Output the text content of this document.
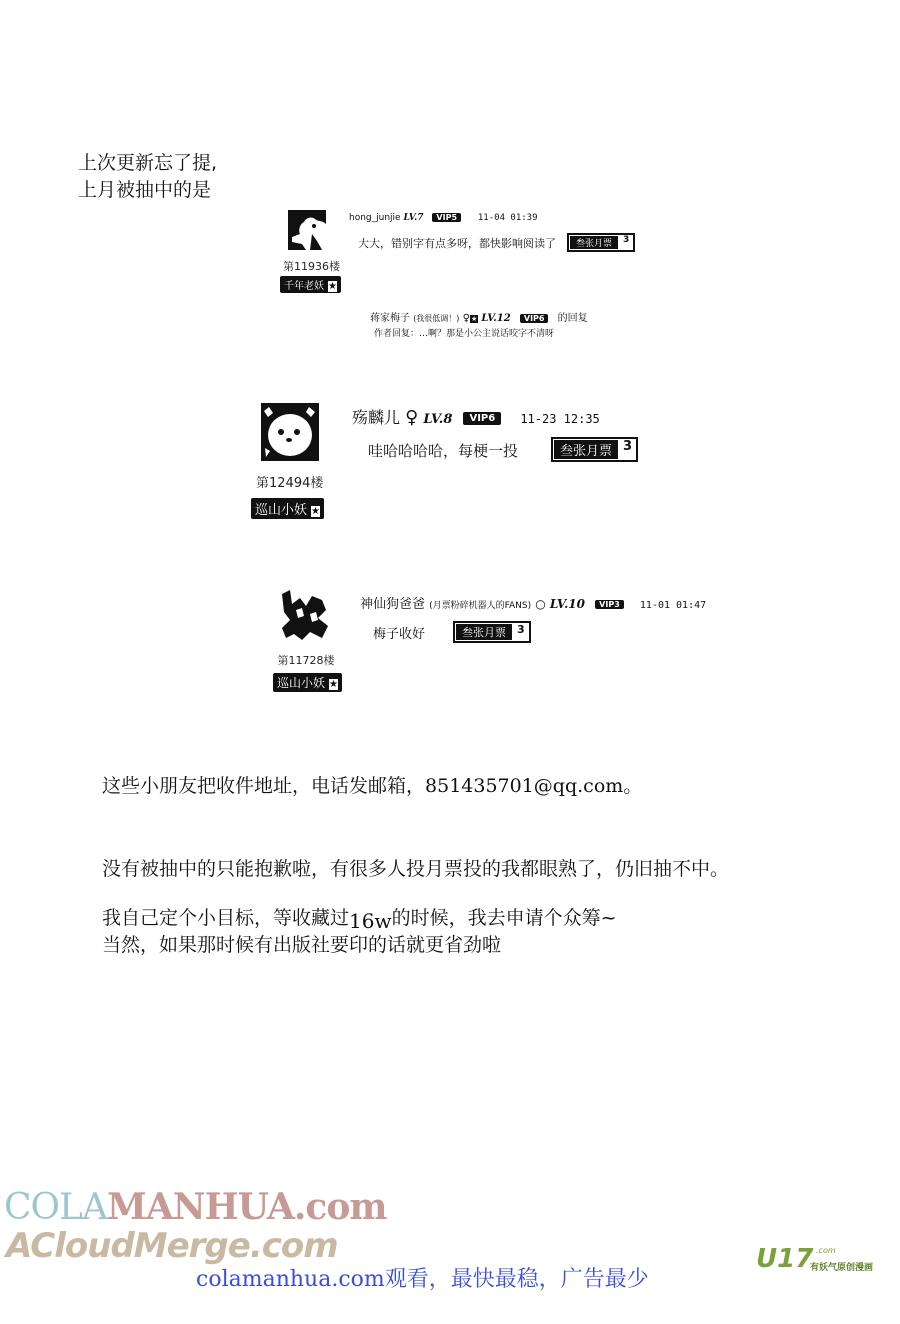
上次更新忘了提,
上月被抽中的是
第11936楼
千年老妖 ★
hong_junjie LV.7 VIP5 11-04 01:39
大大，错别字有点多呀，都快影响阅读了	叁张月票	3
蒋家梅子 (我很低调！) ♀★ LV.12 VIP6 的回复
作者回复：…啊？那是小公主说话咬字不清呀
第12494楼
巡山小妖 ★
殇麟儿 ♀ LV.8 VIP6 11-23 12:35
哇哈哈哈哈，每梗一投	叁张月票 3
第11728楼
巡山小妖 ★
神仙狗爸爸 (月票粉碎机器人的FANS) ○ LV.10 VIP3 11-01 01:47
梅子收好	叁张月票	3
这些小朋友把收件地址，电话发邮箱，851435701@qq.com。
没有被抽中的只能抱歉啦，有很多人投月票投的我都眼熟了，仍旧抽不中。
我自己定个小目标，等收藏过16w的时候，我去申请个众筹~
当然，如果那时候有出版社要印的话就更省劲啦
COLAMANHUA.com
ACloudMerge.com
colamanhua.com观看，最快最稳，广告最少
U17 .com
有妖气原创漫画
